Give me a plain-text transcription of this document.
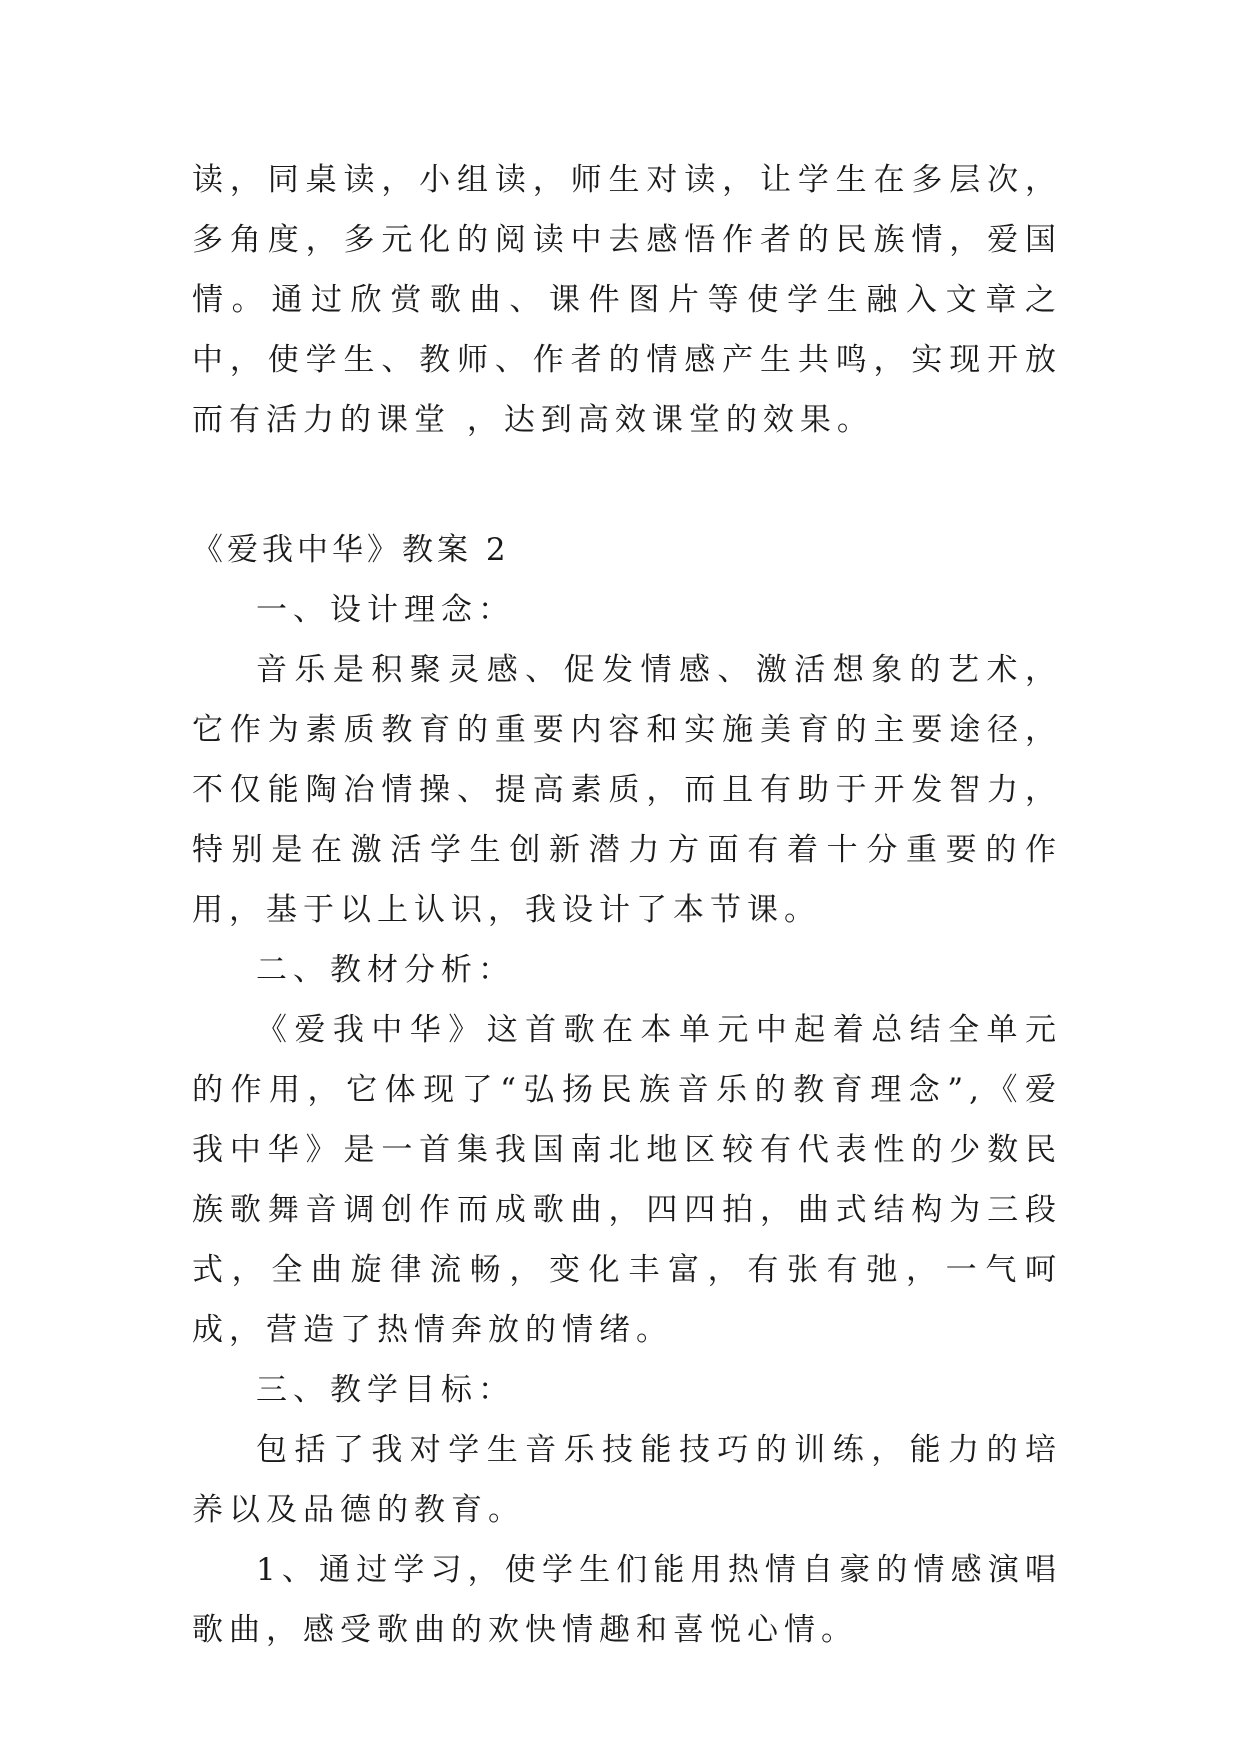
读，同桌读，小组读，师生对读，让学生在多层次，多角度，多元化的阅读中去感悟作者的民族情，爱国情。通过欣赏歌曲、课件图片等使学生融入文章之中，使学生、教师、作者的情感产生共鸣，实现开放而有活力的课堂 ，达到高效课堂的效果。

《爱我中华》教案 2

一、设计理念：

音乐是积聚灵感、促发情感、激活想象的艺术，它作为素质教育的重要内容和实施美育的主要途径，不仅能陶冶情操、提高素质，而且有助于开发智力，特别是在激活学生创新潜力方面有着十分重要的作用，基于以上认识，我设计了本节课。

二、教材分析：

《爱我中华》这首歌在本单元中起着总结全单元的作用，它体现了“弘扬民族音乐的教育理念”,《爱我中华》是一首集我国南北地区较有代表性的少数民族歌舞音调创作而成歌曲，四四拍，曲式结构为三段式，全曲旋律流畅，变化丰富，有张有弛，一气呵成，营造了热情奔放的情绪。

三、教学目标：

包括了我对学生音乐技能技巧的训练，能力的培养以及品德的教育。

1、通过学习，使学生们能用热情自豪的情感演唱歌曲，感受歌曲的欢快情趣和喜悦心情。
